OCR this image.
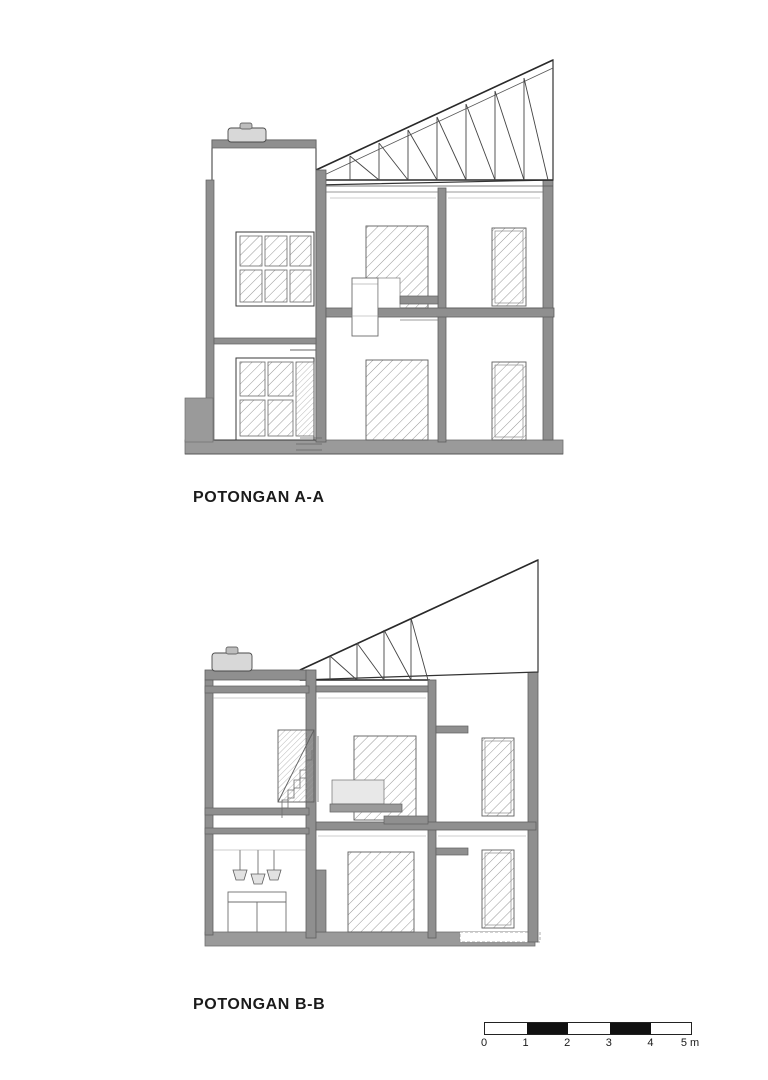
POTONGAN A-A
POTONGAN B-B
0	1	2	3	4 5 m
